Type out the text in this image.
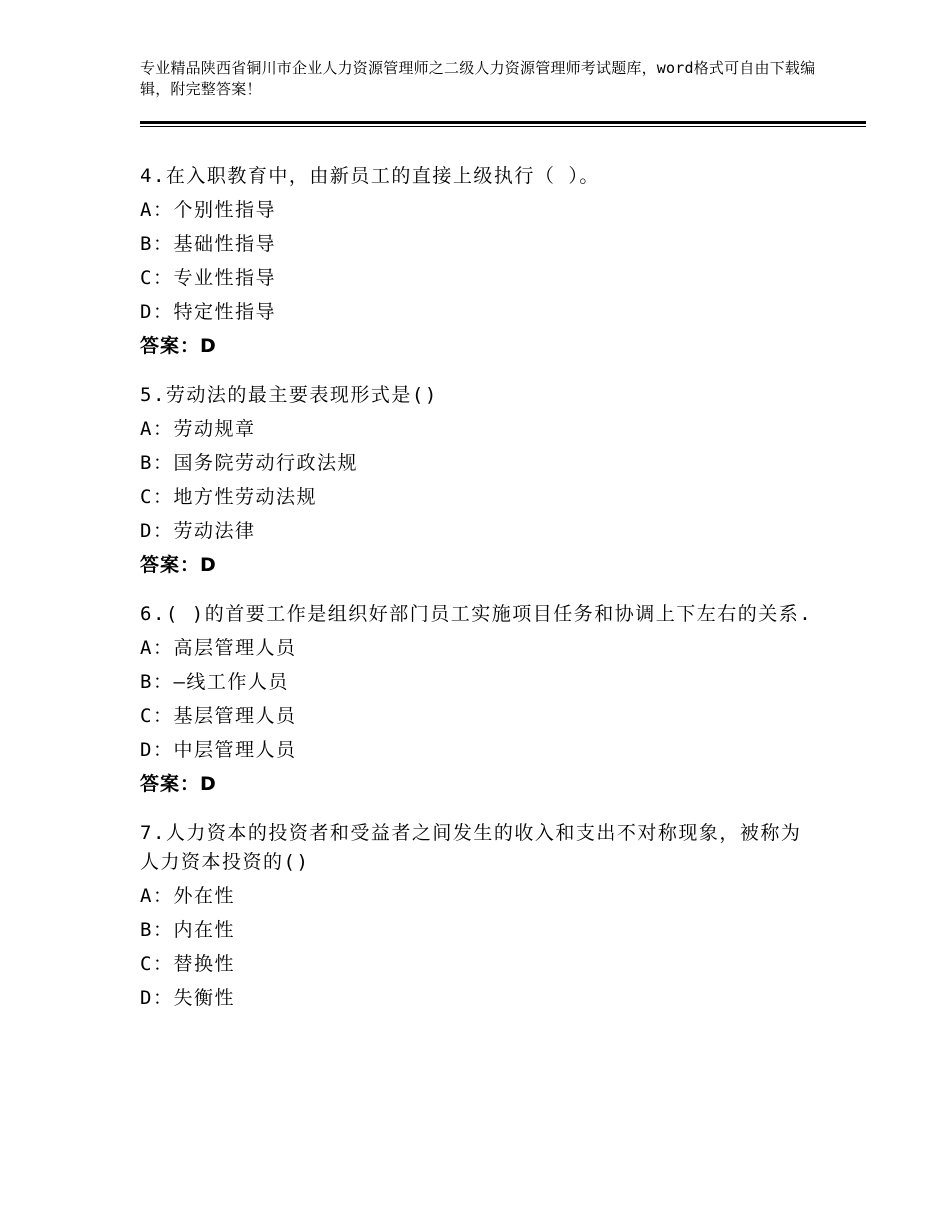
专业精品陕西省铜川市企业人力资源管理师之二级人力资源管理师考试题库，word格式可自由下载编辑，附完整答案！
4.在入职教育中，由新员工的直接上级执行（ ）。
A：个别性指导
B：基础性指导
C：专业性指导
D：特定性指导
答案：D
5.劳动法的最主要表现形式是()
A：劳动规章
B：国务院劳动行政法规
C：地方性劳动法规
D：劳动法律
答案：D
6.( )的首要工作是组织好部门员工实施项目任务和协调上下左右的关系.
A：高层管理人员
B：—线工作人员
C：基层管理人员
D：中层管理人员
答案：D
7.人力资本的投资者和受益者之间发生的收入和支出不对称现象，被称为人力资本投资的()
A：外在性
B：内在性
C：替换性
D：失衡性
